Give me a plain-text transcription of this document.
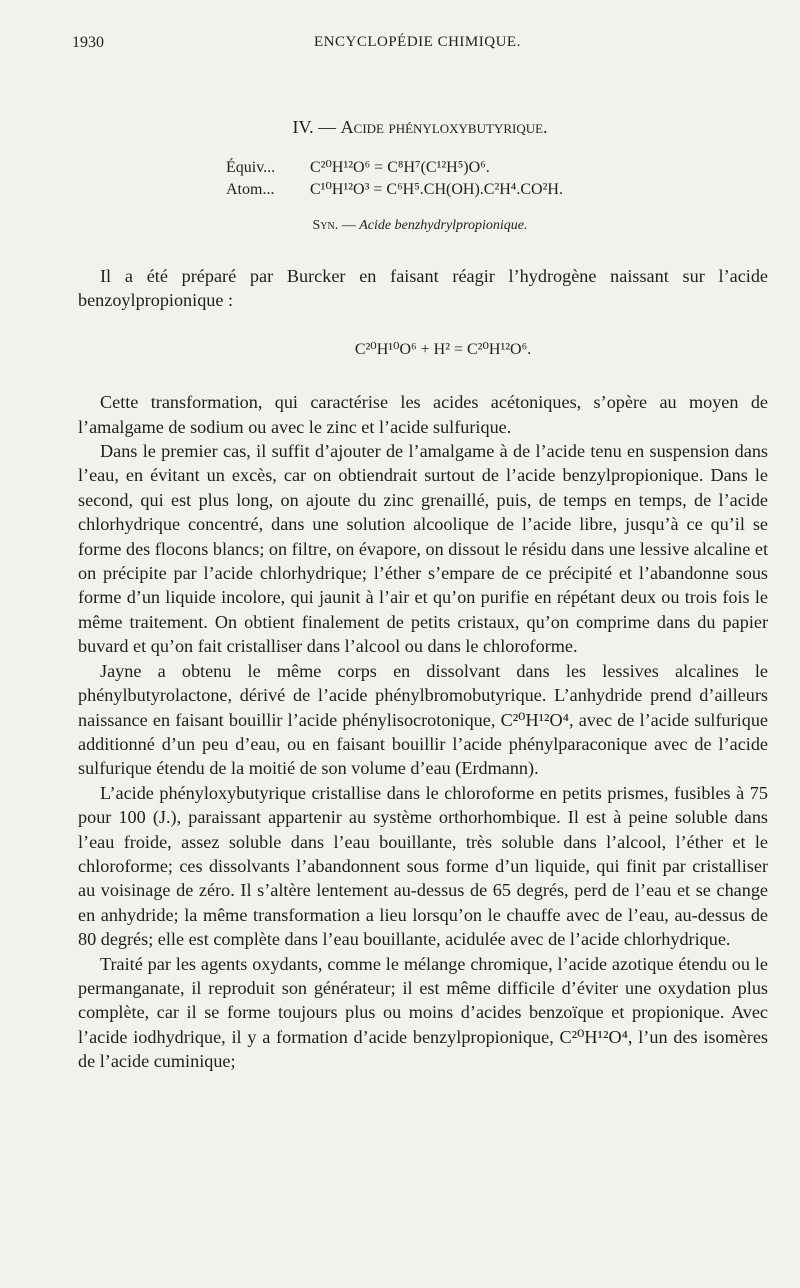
1930	ENCYCLOPÉDIE CHIMIQUE.
IV. — Acide phényloxybutyrique.
Équiv... C²⁰H¹²O⁶ = C⁸H⁷(C¹²H⁵)O⁶.
Atom... C¹⁰H¹²O³ = C⁶H⁵.CH(OH).C²H⁴.CO²H.
Syn. — Acide benzhydrylpropionique.

Il a été préparé par Burcker en faisant réagir l’hydrogène naissant sur l’acide benzoylpropionique :

C²⁰H¹⁰O⁶ + H² = C²⁰H¹²O⁶.

Cette transformation, qui caractérise les acides acétoniques, s’opère au moyen de l’amalgame de sodium ou avec le zinc et l’acide sulfurique.

Dans le premier cas, il suffit d’ajouter de l’amalgame à de l’acide tenu en suspension dans l’eau, en évitant un excès, car on obtiendrait surtout de l’acide benzylpropionique. Dans le second, qui est plus long, on ajoute du zinc grenaillé, puis, de temps en temps, de l’acide chlorhydrique concentré, dans une solution alcoolique de l’acide libre, jusqu’à ce qu’il se forme des flocons blancs; on filtre, on évapore, on dissout le résidu dans une lessive alcaline et on précipite par l’acide chlorhydrique; l’éther s’empare de ce précipité et l’abandonne sous forme d’un liquide incolore, qui jaunit à l’air et qu’on purifie en répétant deux ou trois fois le même traitement. On obtient finalement de petits cristaux, qu’on comprime dans du papier buvard et qu’on fait cristalliser dans l’alcool ou dans le chloroforme.

Jayne a obtenu le même corps en dissolvant dans les lessives alcalines le phénylbutyrolactone, dérivé de l’acide phénylbromobutyrique. L’anhydride prend d’ailleurs naissance en faisant bouillir l’acide phénylisocrotonique, C²⁰H¹²O⁴, avec de l’acide sulfurique additionné d’un peu d’eau, ou en faisant bouillir l’acide phénylparaconique avec de l’acide sulfurique étendu de la moitié de son volume d’eau (Erdmann).

L’acide phényloxybutyrique cristallise dans le chloroforme en petits prismes, fusibles à 75 pour 100 (J.), paraissant appartenir au système orthorhombique. Il est à peine soluble dans l’eau froide, assez soluble dans l’eau bouillante, très soluble dans l’alcool, l’éther et le chloroforme; ces dissolvants l’abandonnent sous forme d’un liquide, qui finit par cristalliser au voisinage de zéro. Il s’altère lentement au-dessus de 65 degrés, perd de l’eau et se change en anhydride; la même transformation a lieu lorsqu’on le chauffe avec de l’eau, au-dessus de 80 degrés; elle est complète dans l’eau bouillante, acidulée avec de l’acide chlorhydrique.

Traité par les agents oxydants, comme le mélange chromique, l’acide azotique étendu ou le permanganate, il reproduit son générateur; il est même difficile d’éviter une oxydation plus complète, car il se forme toujours plus ou moins d’acides benzoïque et propionique. Avec l’acide iodhydrique, il y a formation d’acide benzylpropionique, C²⁰H¹²O⁴, l’un des isomères de l’acide cuminique;
